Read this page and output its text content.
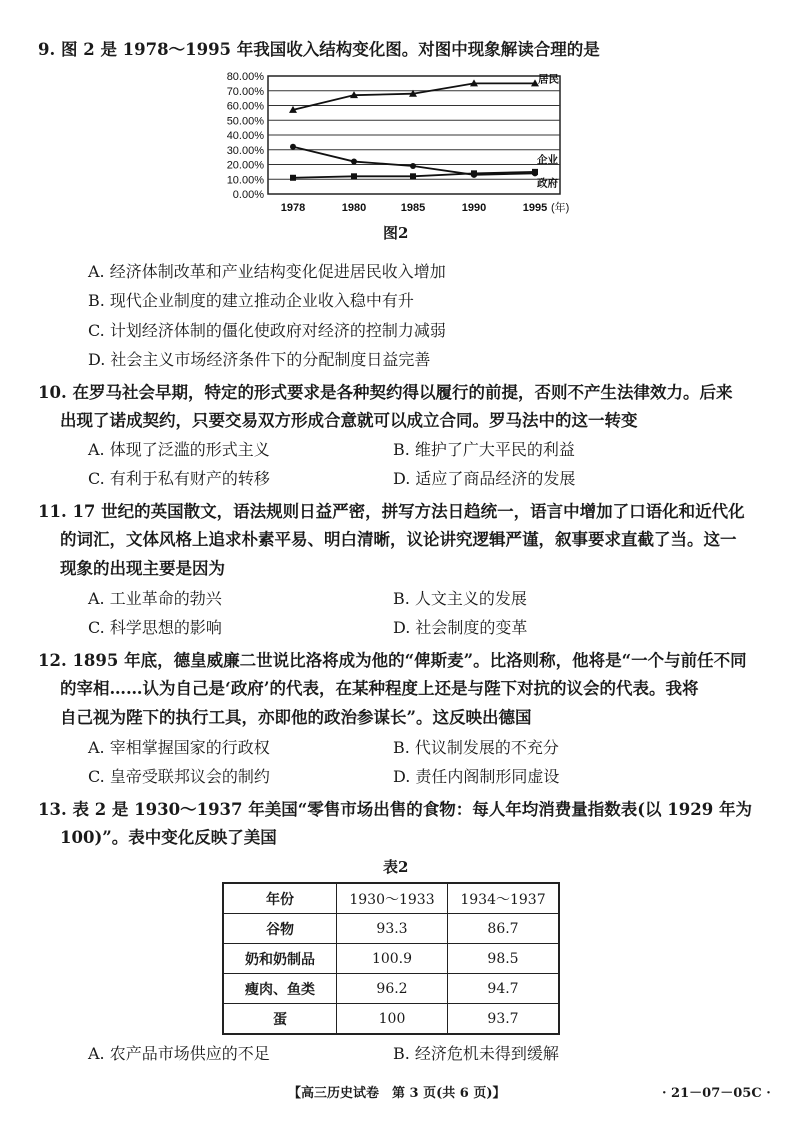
9. 图 2 是 1978～1995 年我国收入结构变化图。对图中现象解读合理的是
0.00%
10.00%
20.00%
30.00%
40.00%
50.00%
60.00%
70.00%
80.00%
1978	1980	1985	1990	1995 (年)
居民
企业
政府
图2
A. 经济体制改革和产业结构变化促进居民收入增加
B. 现代企业制度的建立推动企业收入稳中有升
C. 计划经济体制的僵化使政府对经济的控制力减弱
D. 社会主义市场经济条件下的分配制度日益完善
10. 在罗马社会早期，特定的形式要求是各种契约得以履行的前提，否则不产生法律效力。后来
出现了诺成契约，只要交易双方形成合意就可以成立合同。罗马法中的这一转变
A. 体现了泛滥的形式主义	B. 维护了广大平民的利益
C. 有利于私有财产的转移	D. 适应了商品经济的发展
11. 17 世纪的英国散文，语法规则日益严密，拼写方法日趋统一，语言中增加了口语化和近代化
的词汇，文体风格上追求朴素平易、明白清晰，议论讲究逻辑严谨，叙事要求直截了当。这一
现象的出现主要是因为
A. 工业革命的勃兴	B. 人文主义的发展
C. 科学思想的影响	D. 社会制度的变革
12. 1895 年底，德皇威廉二世说比洛将成为他的“俾斯麦”。比洛则称，他将是“一个与前任不同
的宰相……认为自己是‘政府’的代表，在某种程度上还是与陛下对抗的议会的代表。我将
自己视为陛下的执行工具，亦即他的政治参谋长”。这反映出德国
A. 宰相掌握国家的行政权	B. 代议制发展的不充分
C. 皇帝受联邦议会的制约	D. 责任内阁制形同虚设
13. 表 2 是 1930～1937 年美国“零售市场出售的食物：每人年均消费量指数表(以 1929 年为
100)”。表中变化反映了美国
表2
年份	1930～1933	1934～1937
谷物	93.3	86.7
奶和奶制品	100.9	98.5
瘦肉、鱼类	96.2	94.7
蛋	100	93.7
A. 农产品市场供应的不足	B. 经济危机未得到缓解
【高三历史试卷　第 3 页(共 6 页)】	· 21－07－05C ·
